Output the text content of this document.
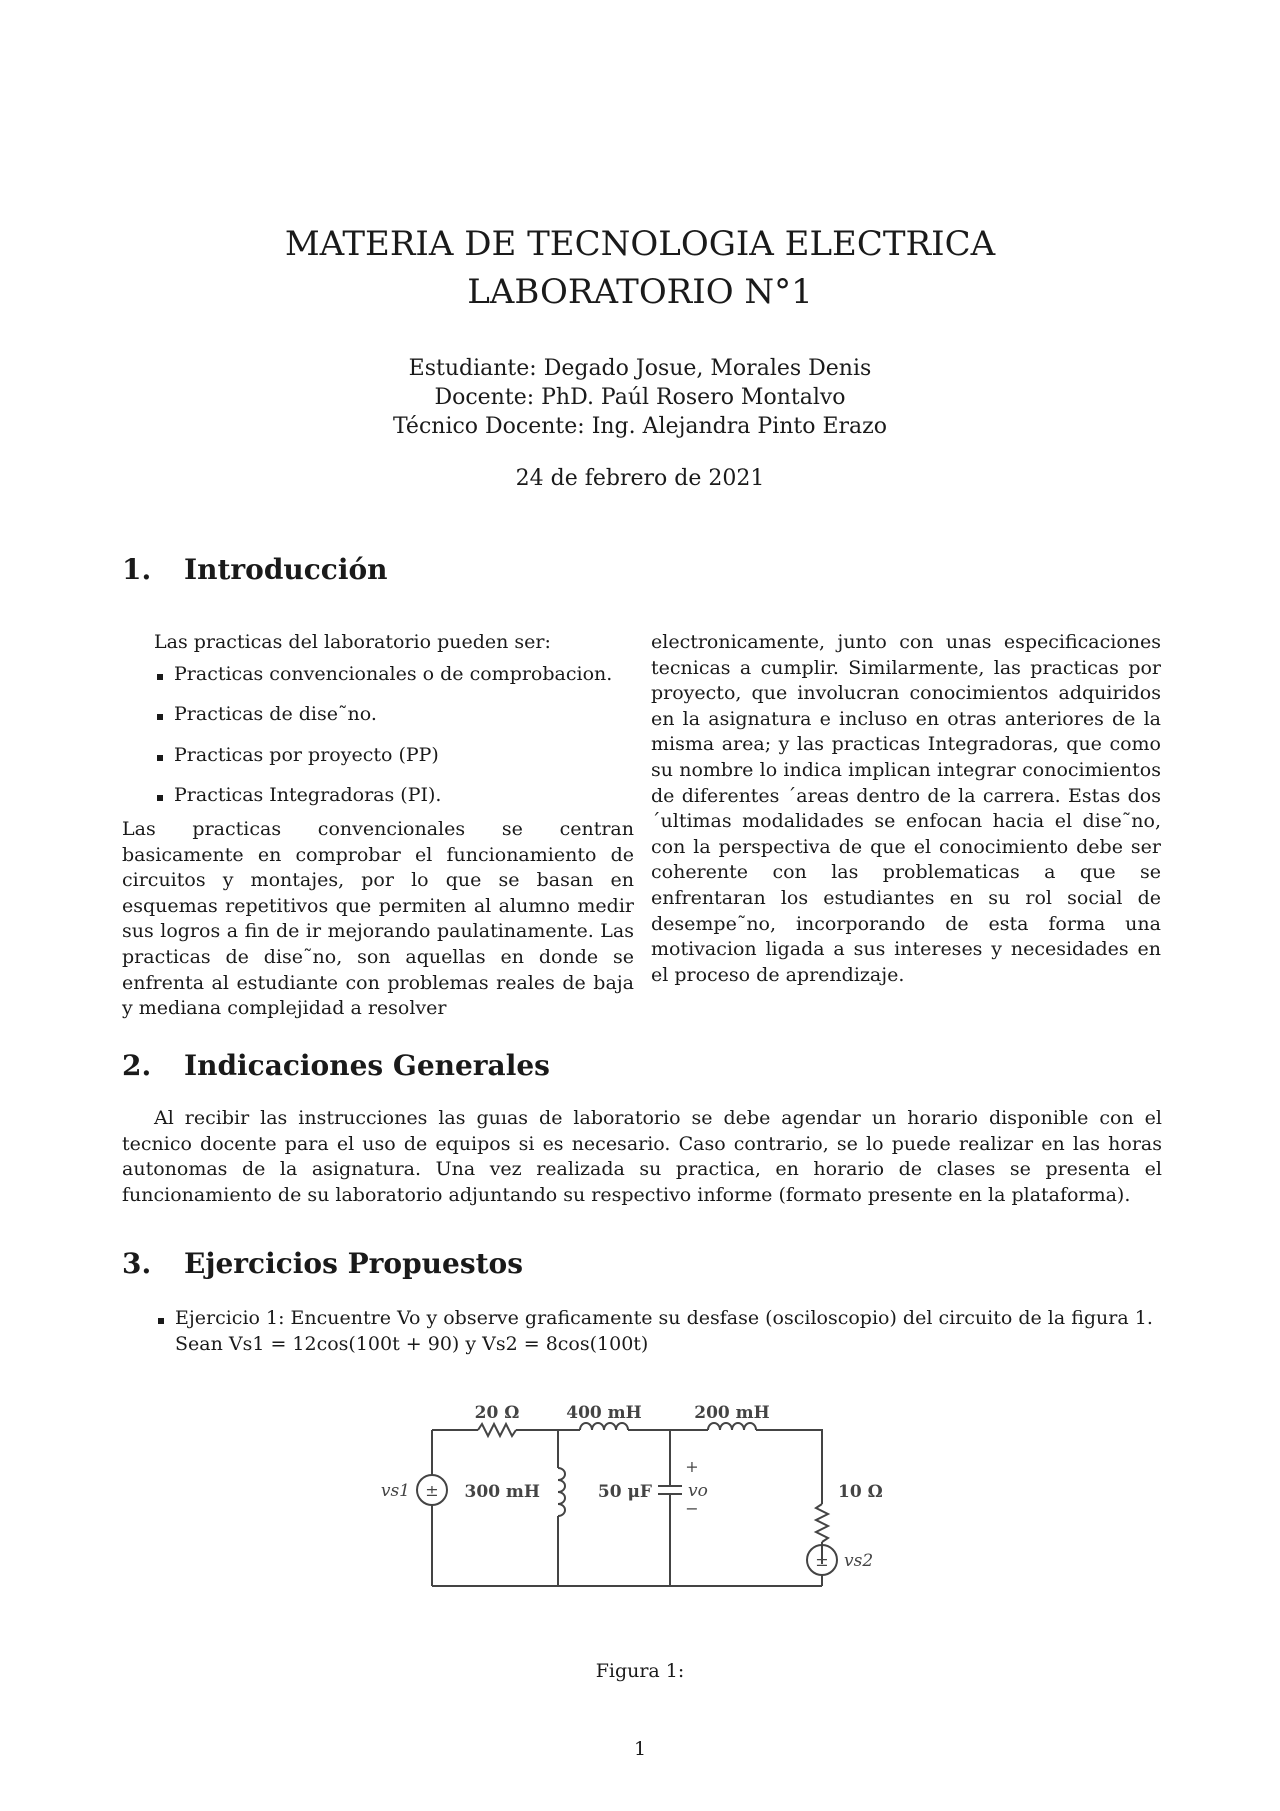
MATERIA DE TECNOLOGIA ELECTRICA
LABORATORIO N°1
Estudiante: Degado Josue, Morales Denis
Docente: PhD. Paúl Rosero Montalvo
Técnico Docente: Ing. Alejandra Pinto Erazo
24 de febrero de 2021
1. Introducción
Las practicas del laboratorio pueden ser:
Practicas convencionales o de comprobacion.
Practicas de dise˜no.
Practicas por proyecto (PP)
Practicas Integradoras (PI).
Las practicas convencionales se centran basicamente en comprobar el funcionamiento de circuitos y montajes, por lo que se basan en esquemas repetitivos que permiten al alumno medir sus logros a fin de ir mejorando paulatinamente. Las practicas de dise˜no, son aquellas en donde se enfrenta al estudiante con problemas reales de baja y mediana complejidad a resolver
electronicamente, junto con unas especificaciones tecnicas a cumplir. Similarmente, las practicas por proyecto, que involucran conocimientos adquiridos en la asignatura e incluso en otras anteriores de la misma area; y las practicas Integradoras, que como su nombre lo indica implican integrar conocimientos de diferentes ´areas dentro de la carrera. Estas dos ´ultimas modalidades se enfocan hacia el dise˜no, con la perspectiva de que el conocimiento debe ser coherente con las problematicas a que se enfrentaran los estudiantes en su rol social de desempe˜no, incorporando de esta forma una motivacion ligada a sus intereses y necesidades en el proceso de aprendizaje.
2. Indicaciones Generales
Al recibir las instrucciones las guıas de laboratorio se debe agendar un horario disponible con el tecnico docente para el uso de equipos si es necesario. Caso contrario, se lo puede realizar en las horas autonomas de la asignatura. Una vez realizada su practica, en horario de clases se presenta el funcionamiento de su laboratorio adjuntando su respectivo informe (formato presente en la plataforma).
3. Ejercicios Propuestos
Ejercicio 1: Encuentre Vo y observe graficamente su desfase (osciloscopio) del circuito de la figura 1. Sean Vs1 = 12cos(100t + 90) y Vs2 = 8cos(100t)
20 Ω	400 mH	200 mH
300 mH	50 μF	10 Ω
vs1
vs2
vo
±
±
+
−
Figura 1:
1
